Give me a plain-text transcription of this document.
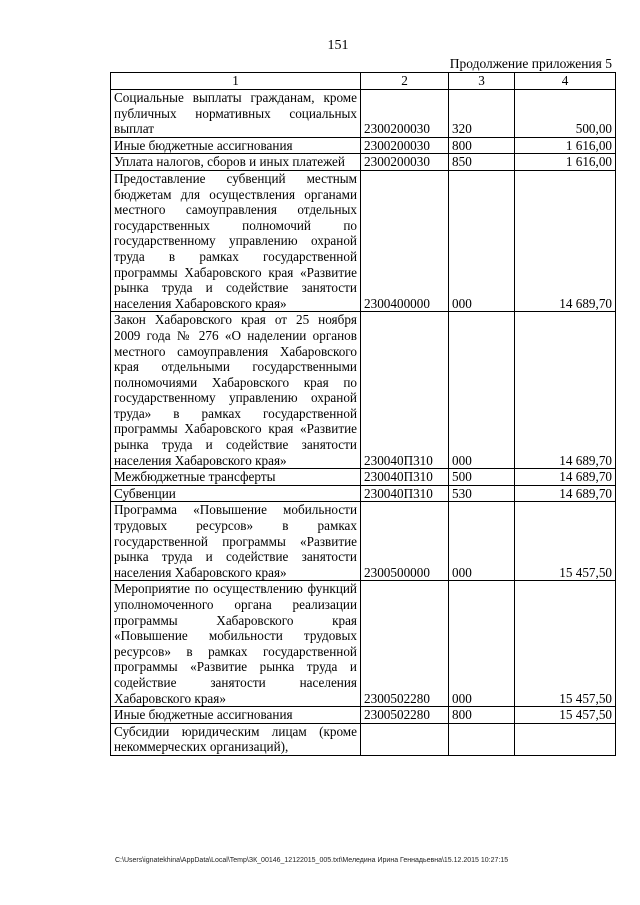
151
Продолжение приложения 5
1	2	3	4
Социальные выплаты гражданам, кроме публичных нормативных социальных выплат	2300200030	320	500,00
Иные бюджетные ассигнования	2300200030	800	1 616,00
Уплата налогов, сборов и иных платежей	2300200030	850	1 616,00
Предоставление субвенций местным бюджетам для осуществления органами местного самоуправления отдельных государственных полномочий по государственному управлению охраной труда в рамках государственной программы Хабаровского края «Развитие рынка труда и содействие занятости населения Хабаровского края»	2300400000	000	14 689,70
Закон Хабаровского края от 25 ноября 2009 года № 276 «О наделении органов местного самоуправления Хабаровского края отдельными государственными полномочиями Хабаровского края по государственному управлению охраной труда» в рамках государственной программы Хабаровского края «Развитие рынка труда и содействие занятости населения Хабаровского края»	230040П310	000	14 689,70
Межбюджетные трансферты	230040П310	500	14 689,70
Субвенции	230040П310	530	14 689,70
Программа «Повышение мобильности трудовых ресурсов» в рамках государственной программы «Развитие рынка труда и содействие занятости населения Хабаровского края»	2300500000	000	15 457,50
Мероприятие по осуществлению функций уполномоченного органа реализации программы Хабаровского края «Повышение мобильности трудовых ресурсов» в рамках государственной программы «Развитие рынка труда и содействие занятости населения Хабаровского края»	2300502280	000	15 457,50
Иные бюджетные ассигнования	2300502280	800	15 457,50
Субсидии юридическим лицам (кроме некоммерческих организаций),			
C:\Users\ignatekhina\AppData\Local\Temp\ЗК_00146_12122015_005.txt\Меледина Ирина Геннадьевна\15.12.2015 10:27:15
